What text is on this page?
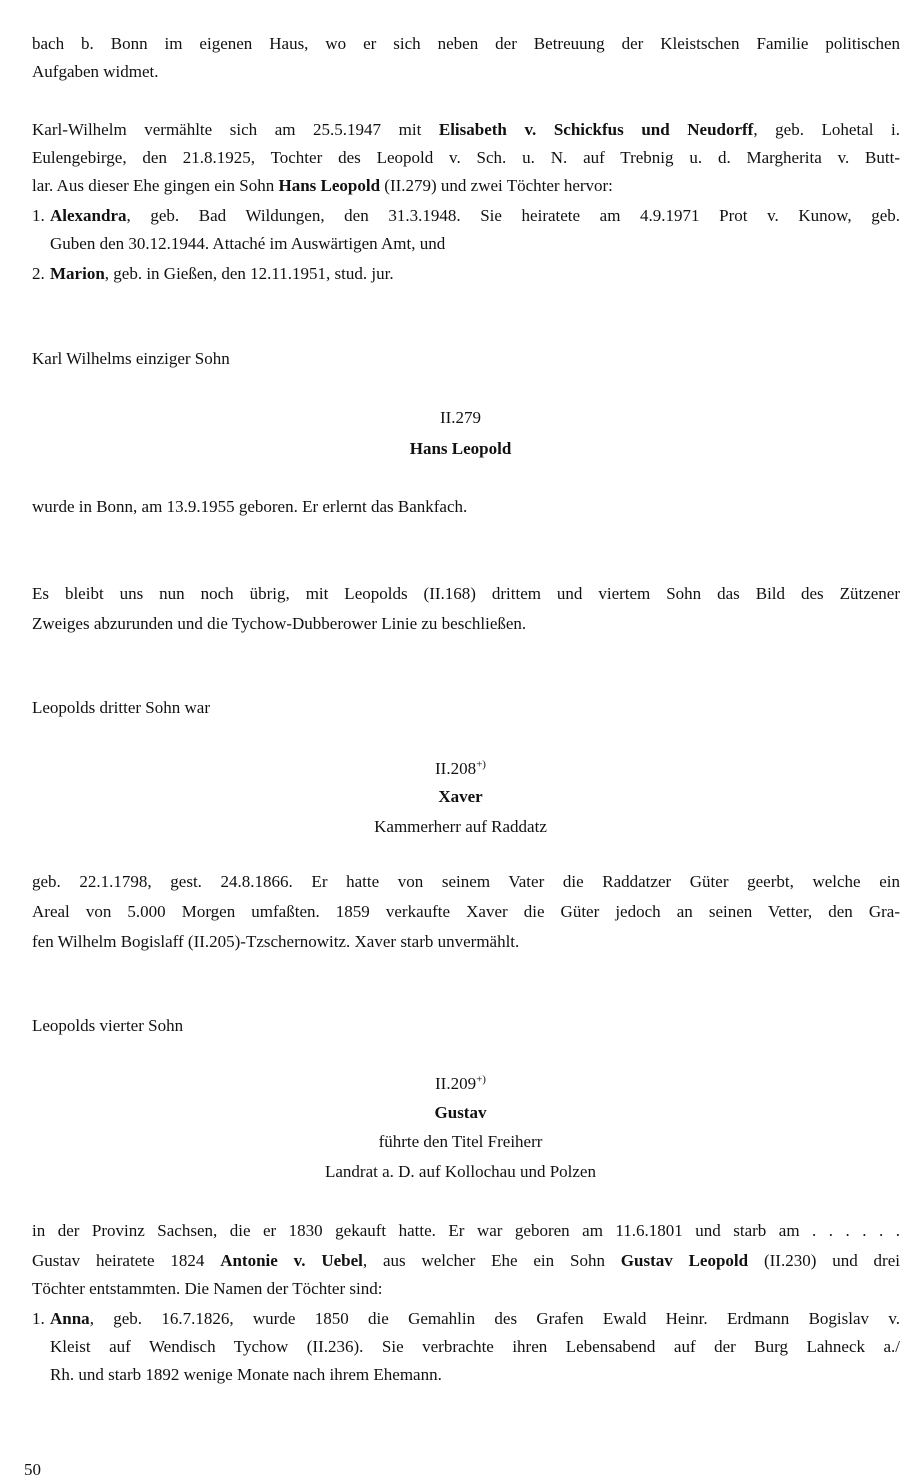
bach b. Bonn im eigenen Haus, wo er sich neben der Betreuung der Kleistschen Familie politischen
Aufgaben widmet.
Karl-Wilhelm vermählte sich am 25.5.1947 mit Elisabeth v. Schickfus und Neudorff, geb. Lohetal i.
Eulengebirge, den 21.8.1925, Tochter des Leopold v. Sch. u. N. auf Trebnig u. d. Margherita v. Butt-
lar. Aus dieser Ehe gingen ein Sohn Hans Leopold (II.279) und zwei Töchter hervor:
1. Alexandra, geb. Bad Wildungen, den 31.3.1948. Sie heiratete am 4.9.1971 Prot v. Kunow, geb.
Guben den 30.12.1944. Attaché im Auswärtigen Amt, und
2. Marion, geb. in Gießen, den 12.11.1951, stud. jur.
Karl Wilhelms einziger Sohn
II.279
Hans Leopold
wurde in Bonn, am 13.9.1955 geboren. Er erlernt das Bankfach.
Es bleibt uns nun noch übrig, mit Leopolds (II.168) drittem und viertem Sohn das Bild des Zützener
Zweiges abzurunden und die Tychow-Dubberower Linie zu beschließen.
Leopolds dritter Sohn war
II.208+)
Xaver
Kammerherr auf Raddatz
geb. 22.1.1798, gest. 24.8.1866. Er hatte von seinem Vater die Raddatzer Güter geerbt, welche ein
Areal von 5.000 Morgen umfaßten. 1859 verkaufte Xaver die Güter jedoch an seinen Vetter, den Gra-
fen Wilhelm Bogislaff (II.205)-Tzschernowitz. Xaver starb unvermählt.
Leopolds vierter Sohn
II.209+)
Gustav
führte den Titel Freiherr
Landrat a. D. auf Kollochau und Polzen
in der Provinz Sachsen, die er 1830 gekauft hatte. Er war geboren am 11.6.1801 und starb am . . . . . .
Gustav heiratete 1824 Antonie v. Uebel, aus welcher Ehe ein Sohn Gustav Leopold (II.230) und drei
Töchter entstammten. Die Namen der Töchter sind:
1. Anna, geb. 16.7.1826, wurde 1850 die Gemahlin des Grafen Ewald Heinr. Erdmann Bogislav v.
Kleist auf Wendisch Tychow (II.236). Sie verbrachte ihren Lebensabend auf der Burg Lahneck a./
Rh. und starb 1892 wenige Monate nach ihrem Ehemann.
50
